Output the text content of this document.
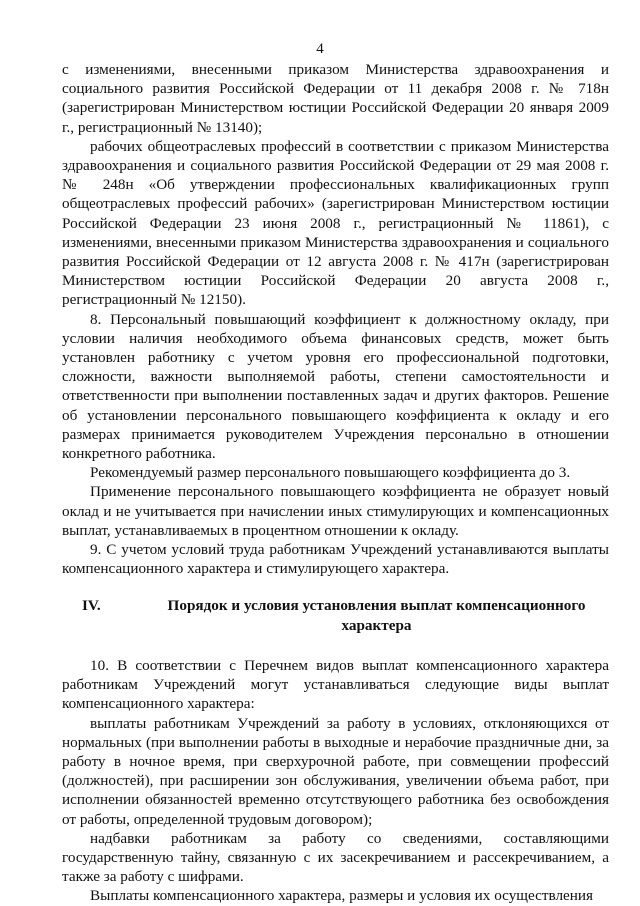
4

с изменениями, внесенными приказом Министерства здравоохранения и социального развития Российской Федерации от 11 декабря 2008 г. № 718н (зарегистрирован Министерством юстиции Российской Федерации 20 января 2009 г., регистрационный № 13140);

рабочих общеотраслевых профессий в соответствии с приказом Министерства здравоохранения и социального развития Российской Федерации от 29 мая 2008 г. № 248н «Об утверждении профессиональных квалификационных групп общеотраслевых профессий рабочих» (зарегистрирован Министерством юстиции Российской Федерации 23 июня 2008 г., регистрационный № 11861), с изменениями, внесенными приказом Министерства здравоохранения и социального развития Российской Федерации от 12 августа 2008 г. № 417н (зарегистрирован Министерством юстиции Российской Федерации 20 августа 2008 г., регистрационный № 12150).

8. Персональный повышающий коэффициент к должностному окладу, при условии наличия необходимого объема финансовых средств, может быть установлен работнику с учетом уровня его профессиональной подготовки, сложности, важности выполняемой работы, степени самостоятельности и ответственности при выполнении поставленных задач и других факторов. Решение об установлении персонального повышающего коэффициента к окладу и его размерах принимается руководителем Учреждения персонально в отношении конкретного работника.

Рекомендуемый размер персонального повышающего коэффициента до 3.

Применение персонального повышающего коэффициента не образует новый оклад и не учитывается при начислении иных стимулирующих и компенсационных выплат, устанавливаемых в процентном отношении к окладу.

9. С учетом условий труда работникам Учреждений устанавливаются выплаты компенсационного характера и стимулирующего характера.

IV.	Порядок и условия установления выплат компенсационного характера

10. В соответствии с Перечнем видов выплат компенсационного характера работникам Учреждений могут устанавливаться следующие виды выплат компенсационного характера:

выплаты работникам Учреждений за работу в условиях, отклоняющихся от нормальных (при выполнении работы в выходные и нерабочие праздничные дни, за работу в ночное время, при сверхурочной работе, при совмещении профессий (должностей), при расширении зон обслуживания, увеличении объема работ, при исполнении обязанностей временно отсутствующего работника без освобождения от работы, определенной трудовым договором);

надбавки работникам за работу со сведениями, составляющими государственную тайну, связанную с их засекречиванием и рассекречиванием, а также за работу с шифрами.

Выплаты компенсационного характера, размеры и условия их осуществления
